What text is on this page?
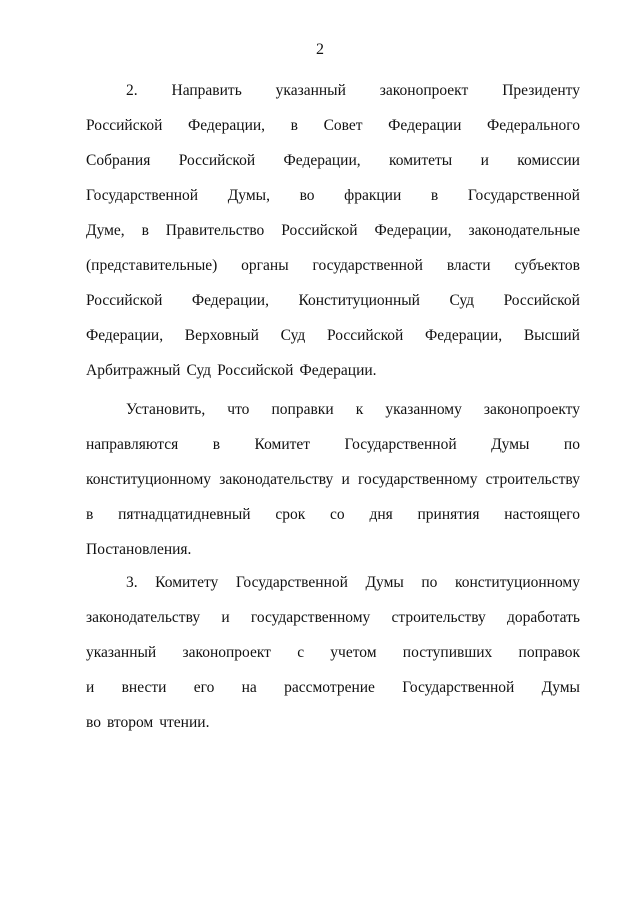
2
2. Направить указанный законопроект Президенту
Российской Федерации, в Совет Федерации Федерального
Собрания Российской Федерации, комитеты и комиссии
Государственной Думы, во фракции в Государственной
Думе, в Правительство Российской Федерации, законодательные
(представительные) органы государственной власти субъектов
Российской Федерации, Конституционный Суд Российской
Федерации, Верховный Суд Российской Федерации, Высший
Арбитражный Суд Российской Федерации.
Установить, что поправки к указанному законопроекту
направляются в Комитет Государственной Думы по
конституционному законодательству и государственному строительству
в пятнадцатидневный срок со дня принятия настоящего
Постановления.
3. Комитету Государственной Думы по конституционному
законодательству и государственному строительству доработать
указанный законопроект с учетом поступивших поправок
и внести его на рассмотрение Государственной Думы
во втором чтении.
